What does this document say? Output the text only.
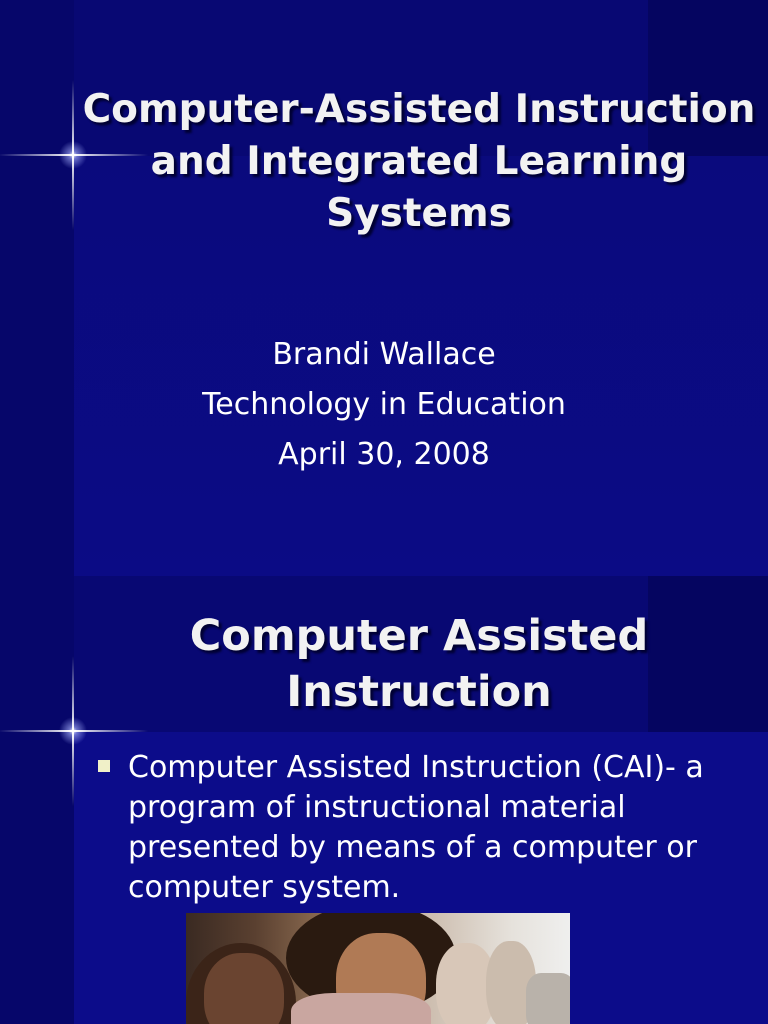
Computer-Assisted Instruction and Integrated Learning Systems
Brandi Wallace
Technology in Education
April 30, 2008
Computer Assisted Instruction
Computer Assisted Instruction (CAI)- a program of instructional material presented by means of a computer or computer system.
